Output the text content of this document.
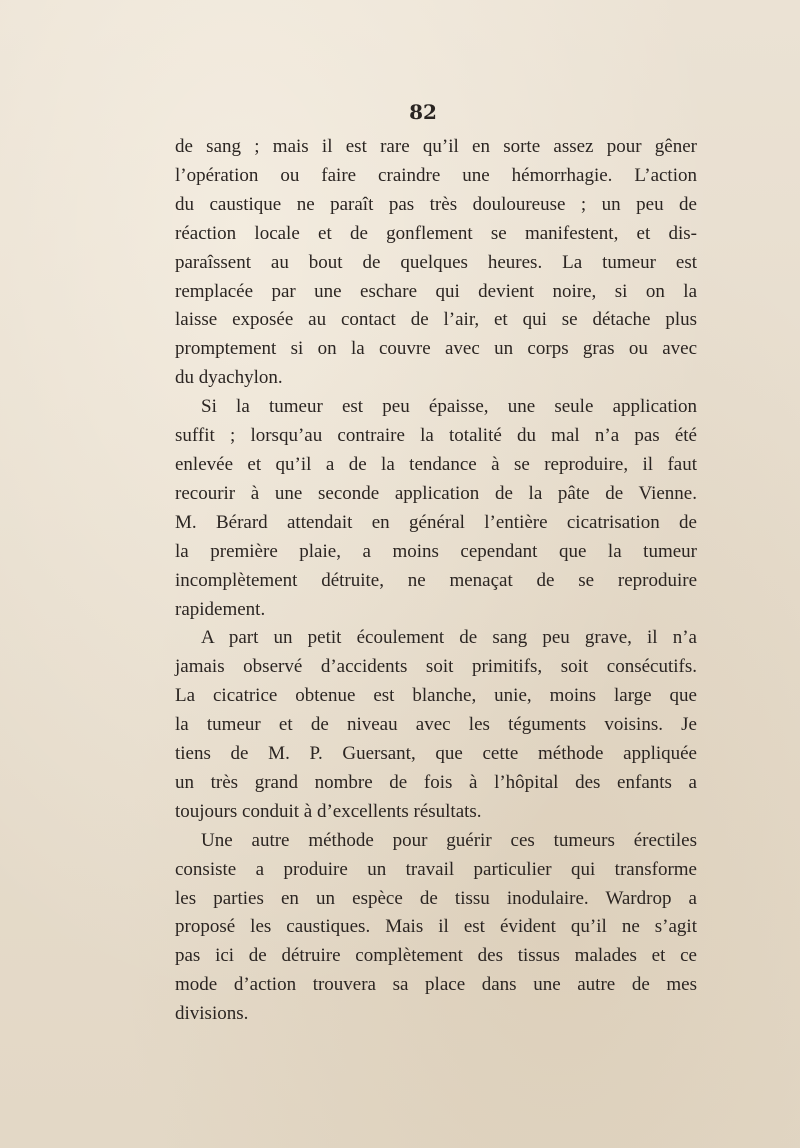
82
de sang ; mais il est rare qu’il en sorte assez pour gêner
l’opération ou faire craindre une hémorrhagie. L’action
du caustique ne paraît pas très douloureuse ; un peu de
réaction locale et de gonflement se manifestent, et dis-
paraîssent au bout de quelques heures. La tumeur est
remplacée par une eschare qui devient noire, si on la
laisse exposée au contact de l’air, et qui se détache plus
promptement si on la couvre avec un corps gras ou avec
du dyachylon.
Si la tumeur est peu épaisse, une seule application
suffit ; lorsqu’au contraire la totalité du mal n’a pas été
enlevée et qu’il a de la tendance à se reproduire, il faut
recourir à une seconde application de la pâte de Vienne.
M. Bérard attendait en général l’entière cicatrisation de
la première plaie, a moins cependant que la tumeur
incomplètement détruite, ne menaçat de se reproduire
rapidement.
A part un petit écoulement de sang peu grave, il n’a
jamais observé d’accidents soit primitifs, soit consécutifs.
La cicatrice obtenue est blanche, unie, moins large que
la tumeur et de niveau avec les téguments voisins. Je
tiens de M. P. Guersant, que cette méthode appliquée
un très grand nombre de fois à l’hôpital des enfants a
toujours conduit à d’excellents résultats.
Une autre méthode pour guérir ces tumeurs érectiles
consiste a produire un travail particulier qui transforme
les parties en un espèce de tissu inodulaire. Wardrop a
proposé les caustiques. Mais il est évident qu’il ne s’agit
pas ici de détruire complètement des tissus malades et ce
mode d’action trouvera sa place dans une autre de mes
divisions.
